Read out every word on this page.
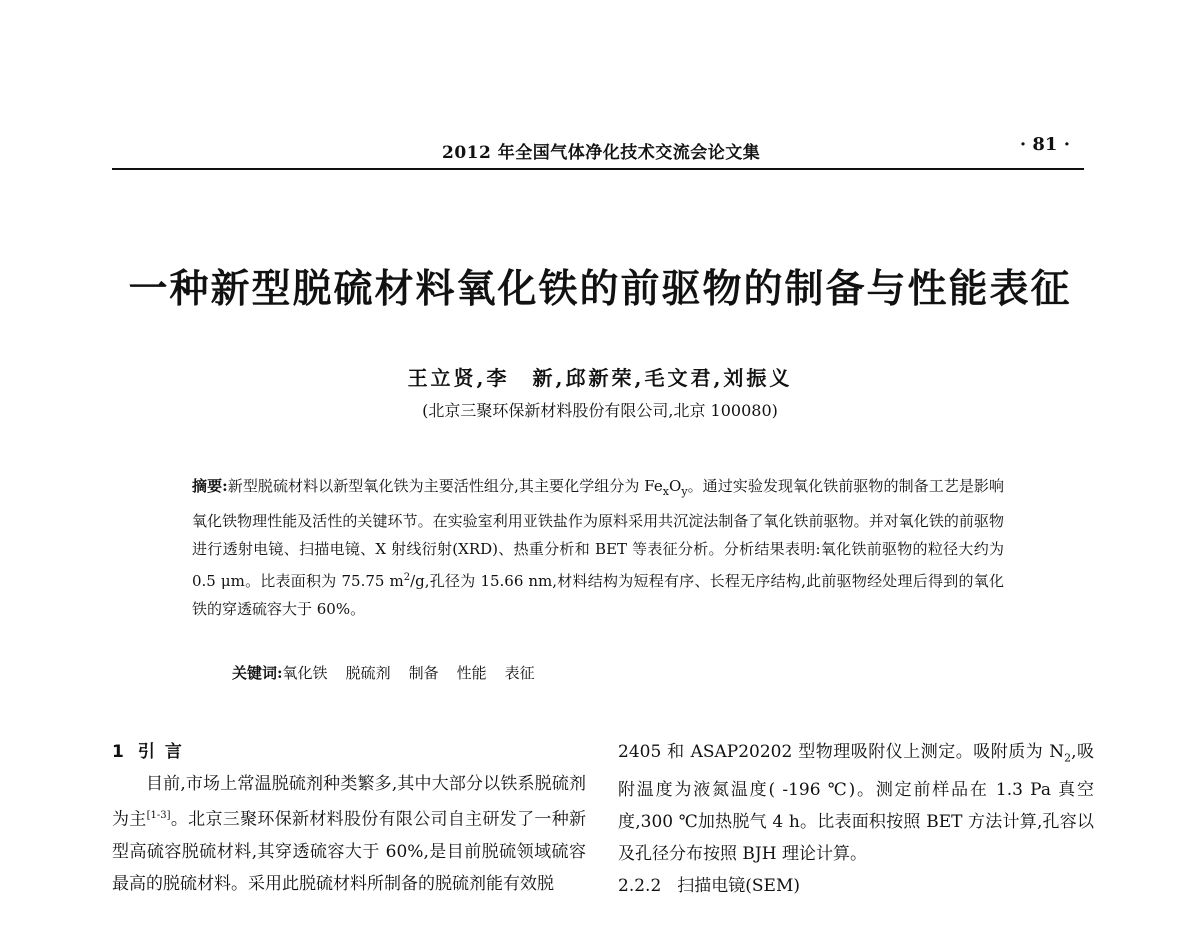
2012 年全国气体净化技术交流会论文集	· 81 ·
一种新型脱硫材料氧化铁的前驱物的制备与性能表征
王立贤,李　新,邱新荣,毛文君,刘振义
(北京三聚环保新材料股份有限公司,北京 100080)
摘要:新型脱硫材料以新型氧化铁为主要活性组分,其主要化学组分为 $Fe_xO_y$。通过实验发现氧化铁前驱物的制备工艺是影响氧化铁物理性能及活性的关键环节。在实验室利用亚铁盐作为原料采用共沉淀法制备了氧化铁前驱物。并对氧化铁的前驱物进行透射电镜、扫描电镜、X 射线衍射(XRD)、热重分析和 BET 等表征分析。分析结果表明:氧化铁前驱物的粒径大约为 0.5 μm。比表面积为 75.75 $m^2/g$,孔径为 15.66 nm,材料结构为短程有序、长程无序结构,此前驱物经处理后得到的氧化铁的穿透硫容大于 60%。
关键词:氧化铁 脱硫剂 制备 性能 表征
1 引言

目前,市场上常温脱硫剂种类繁多,其中大部分以铁系脱硫剂为主[1-3]。北京三聚环保新材料股份有限公司自主研发了一种新型高硫容脱硫材料,其穿透硫容大于 60%,是目前脱硫领域硫容最高的脱硫材料。采用此脱硫材料所制备的脱硫剂能有效脱

2405 和 ASAP20202 型物理吸附仪上测定。吸附质为 $N_2$,吸附温度为液氮温度( -196 ℃)。测定前样品在 1.3 Pa 真空度,300 ℃加热脱气 4 h。比表面积按照 BET 方法计算,孔容以及孔径分布按照 BJH 理论计算。

2.2.2 扫描电镜(SEM)
